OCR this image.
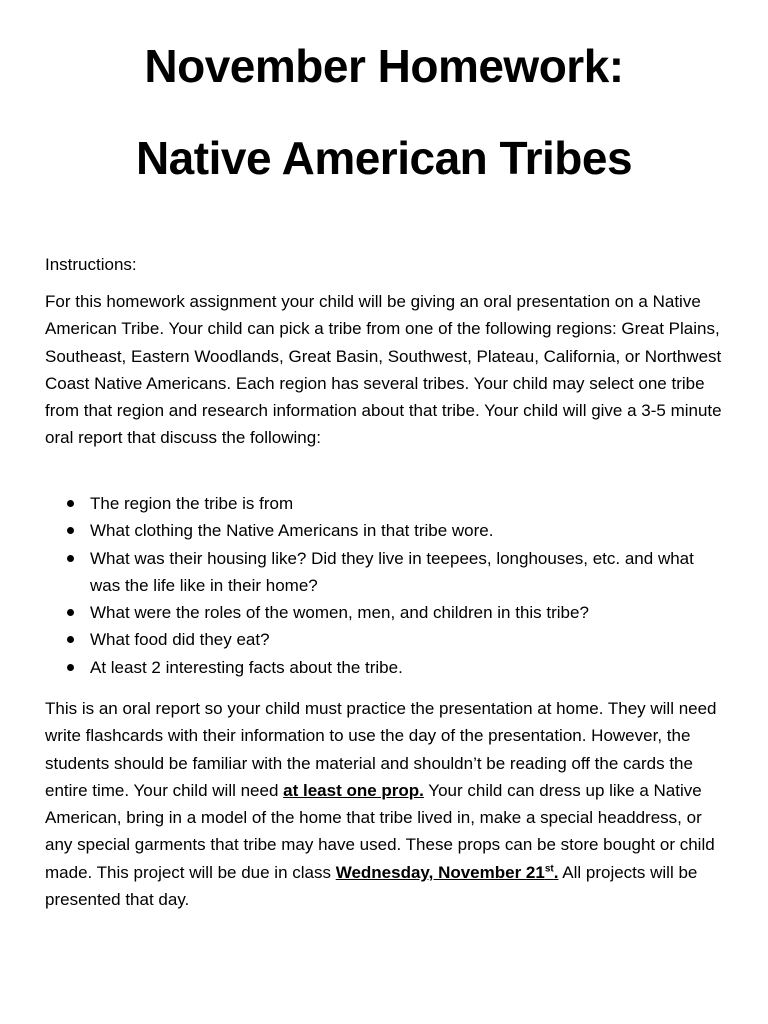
November Homework:
Native American Tribes
Instructions:
For this homework assignment your child will be giving an oral presentation on a Native American Tribe. Your child can pick a tribe from one of the following regions: Great Plains, Southeast, Eastern Woodlands, Great Basin, Southwest, Plateau, California, or Northwest Coast Native Americans. Each region has several tribes. Your child may select one tribe from that region and research information about that tribe. Your child will give a 3-5 minute oral report that discuss the following:
The region the tribe is from
What clothing the Native Americans in that tribe wore.
What was their housing like? Did they live in teepees, longhouses, etc. and what was the life like in their home?
What were the roles of the women, men, and children in this tribe?
What food did they eat?
At least 2 interesting facts about the tribe.
This is an oral report so your child must practice the presentation at home. They will need write flashcards with their information to use the day of the presentation. However, the students should be familiar with the material and shouldn’t be reading off the cards the entire time. Your child will need at least one prop. Your child can dress up like a Native American, bring in a model of the home that tribe lived in, make a special headdress, or any special garments that tribe may have used. These props can be store bought or child made. This project will be due in class Wednesday, November 21st. All projects will be presented that day.
